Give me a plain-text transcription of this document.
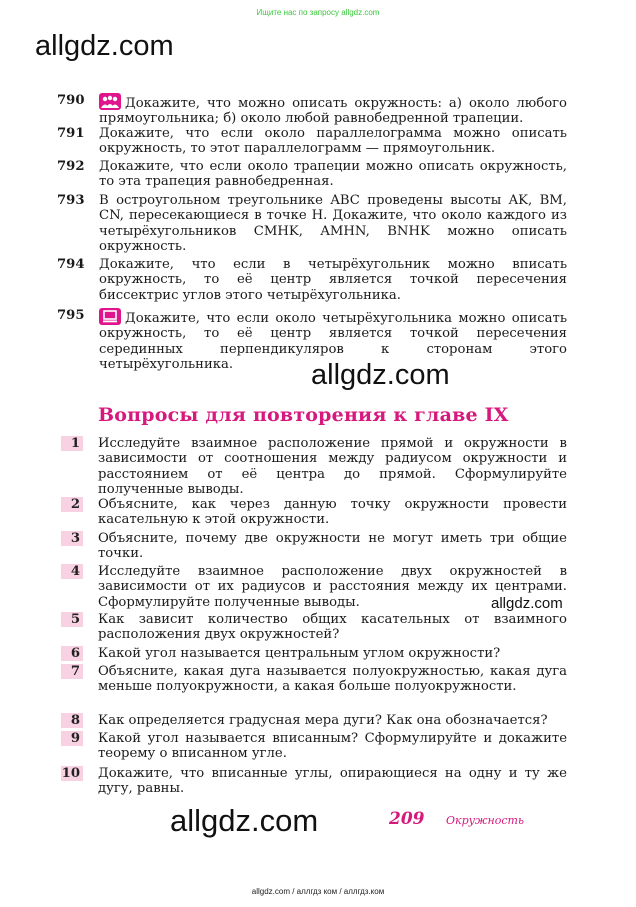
Ищите нас по запросу allgdz.com
allgdz.com
790	Докажите, что можно описать окружность: а) около любого прямоугольника; б) около любой равнобедренной трапеции.
791	Докажите, что если около параллелограмма можно описать окружность, то этот параллелограмм — прямоугольник.
792	Докажите, что если около трапеции можно описать окружность, то эта трапеция равнобедренная.
793	В остроугольном треугольнике ABC проведены высоты AK, BM, CN, пересекающиеся в точке H. Докажите, что около каждого из четырёхугольников CMHK, AMHN, BNHK можно описать окружность.
794	Докажите, что если в четырёхугольник можно вписать окружность, то её центр является точкой пересечения биссектрис углов этого четырёхугольника.
795	Докажите, что если около четырёхугольника можно описать окружность, то её центр является точкой пересечения серединных перпендикуляров к сторонам этого четырёхугольника.	allgdz.com
Вопросы для повторения к главе IX
1 Исследуйте взаимное расположение прямой и окружности в зависимости от соотношения между радиусом окружности и расстоянием от её центра до прямой. Сформулируйте полученные выводы.
2 Объясните, как через данную точку окружности провести касательную к этой окружности.
3 Объясните, почему две окружности не могут иметь три общие точки.
4 Исследуйте взаимное расположение двух окружностей в зависимости от их радиусов и расстояния между их центрами. Сформулируйте полученные выводы.	allgdz.com
5 Как зависит количество общих касательных от взаимного расположения двух окружностей?
6 Какой угол называется центральным углом окружности?
7 Объясните, какая дуга называется полуокружностью, какая дуга меньше полуокружности, а какая больше полуокружности.
8 Как определяется градусная мера дуги? Как она обозначается?
9 Какой угол называется вписанным? Сформулируйте и докажите теорему о вписанном угле.
10 Докажите, что вписанные углы, опирающиеся на одну и ту же дугу, равны.
allgdz.com	209 Окружность
allgdz.com / аллгдз ком / аллгдз.ком
